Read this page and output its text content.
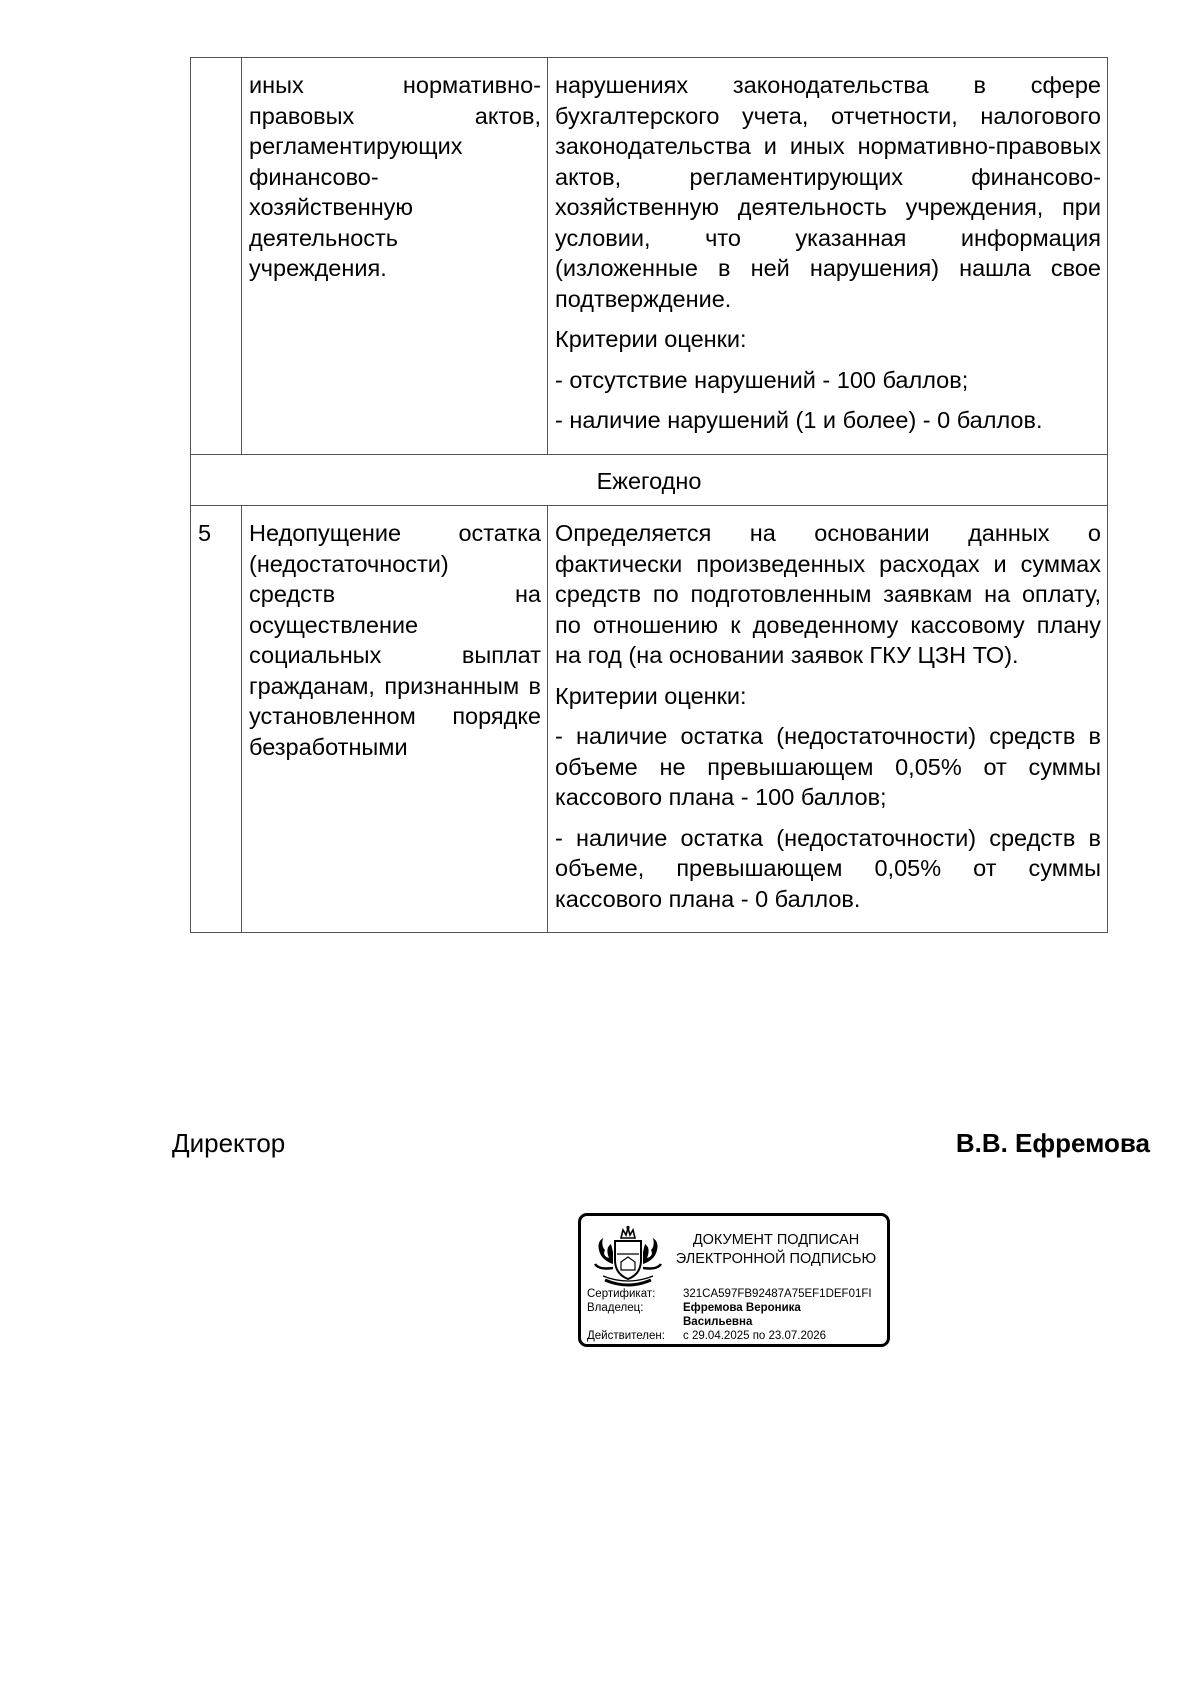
	иных нормативно-правовых актов, регламентирующих финансово-хозяйственную деятельность учреждения.	нарушениях законодательства в сфере бухгалтерского учета, отчетности, налогового законодательства и иных нормативно-правовых актов, регламентирующих финансово-хозяйственную деятельность учреждения, при условии, что указанная информация (изложенные в ней нарушения) нашла свое подтверждение.

Критерии оценки:

- отсутствие нарушений - 100 баллов;

- наличие нарушений (1 и более) - 0 баллов.

Ежегодно		
5	Недопущение остатка (недостаточности) средств на осуществление социальных выплат гражданам, признанным в установленном порядке безработными	Определяется на основании данных о фактически произведенных расходах и суммах средств по подготовленным заявкам на оплату, по отношению к доведенному кассовому плану на год (на основании заявок ГКУ ЦЗН ТО).

Критерии оценки:

- наличие остатка (недостаточности) средств в объеме не превышающем 0,05% от суммы кассового плана - 100 баллов;

- наличие остатка (недостаточности) средств в объеме, превышающем 0,05% от суммы кассового плана - 0 баллов.

Директор	В.В. Ефремова
ДОКУМЕНТ ПОДПИСАН
ЭЛЕКТРОННОЙ ПОДПИСЬЮ
Сертификат:	321CA597FB92487A75EF1DEF01FI
Владелец:	Ефремова Вероника
Васильевна
Действителен:	с 29.04.2025 по 23.07.2026
